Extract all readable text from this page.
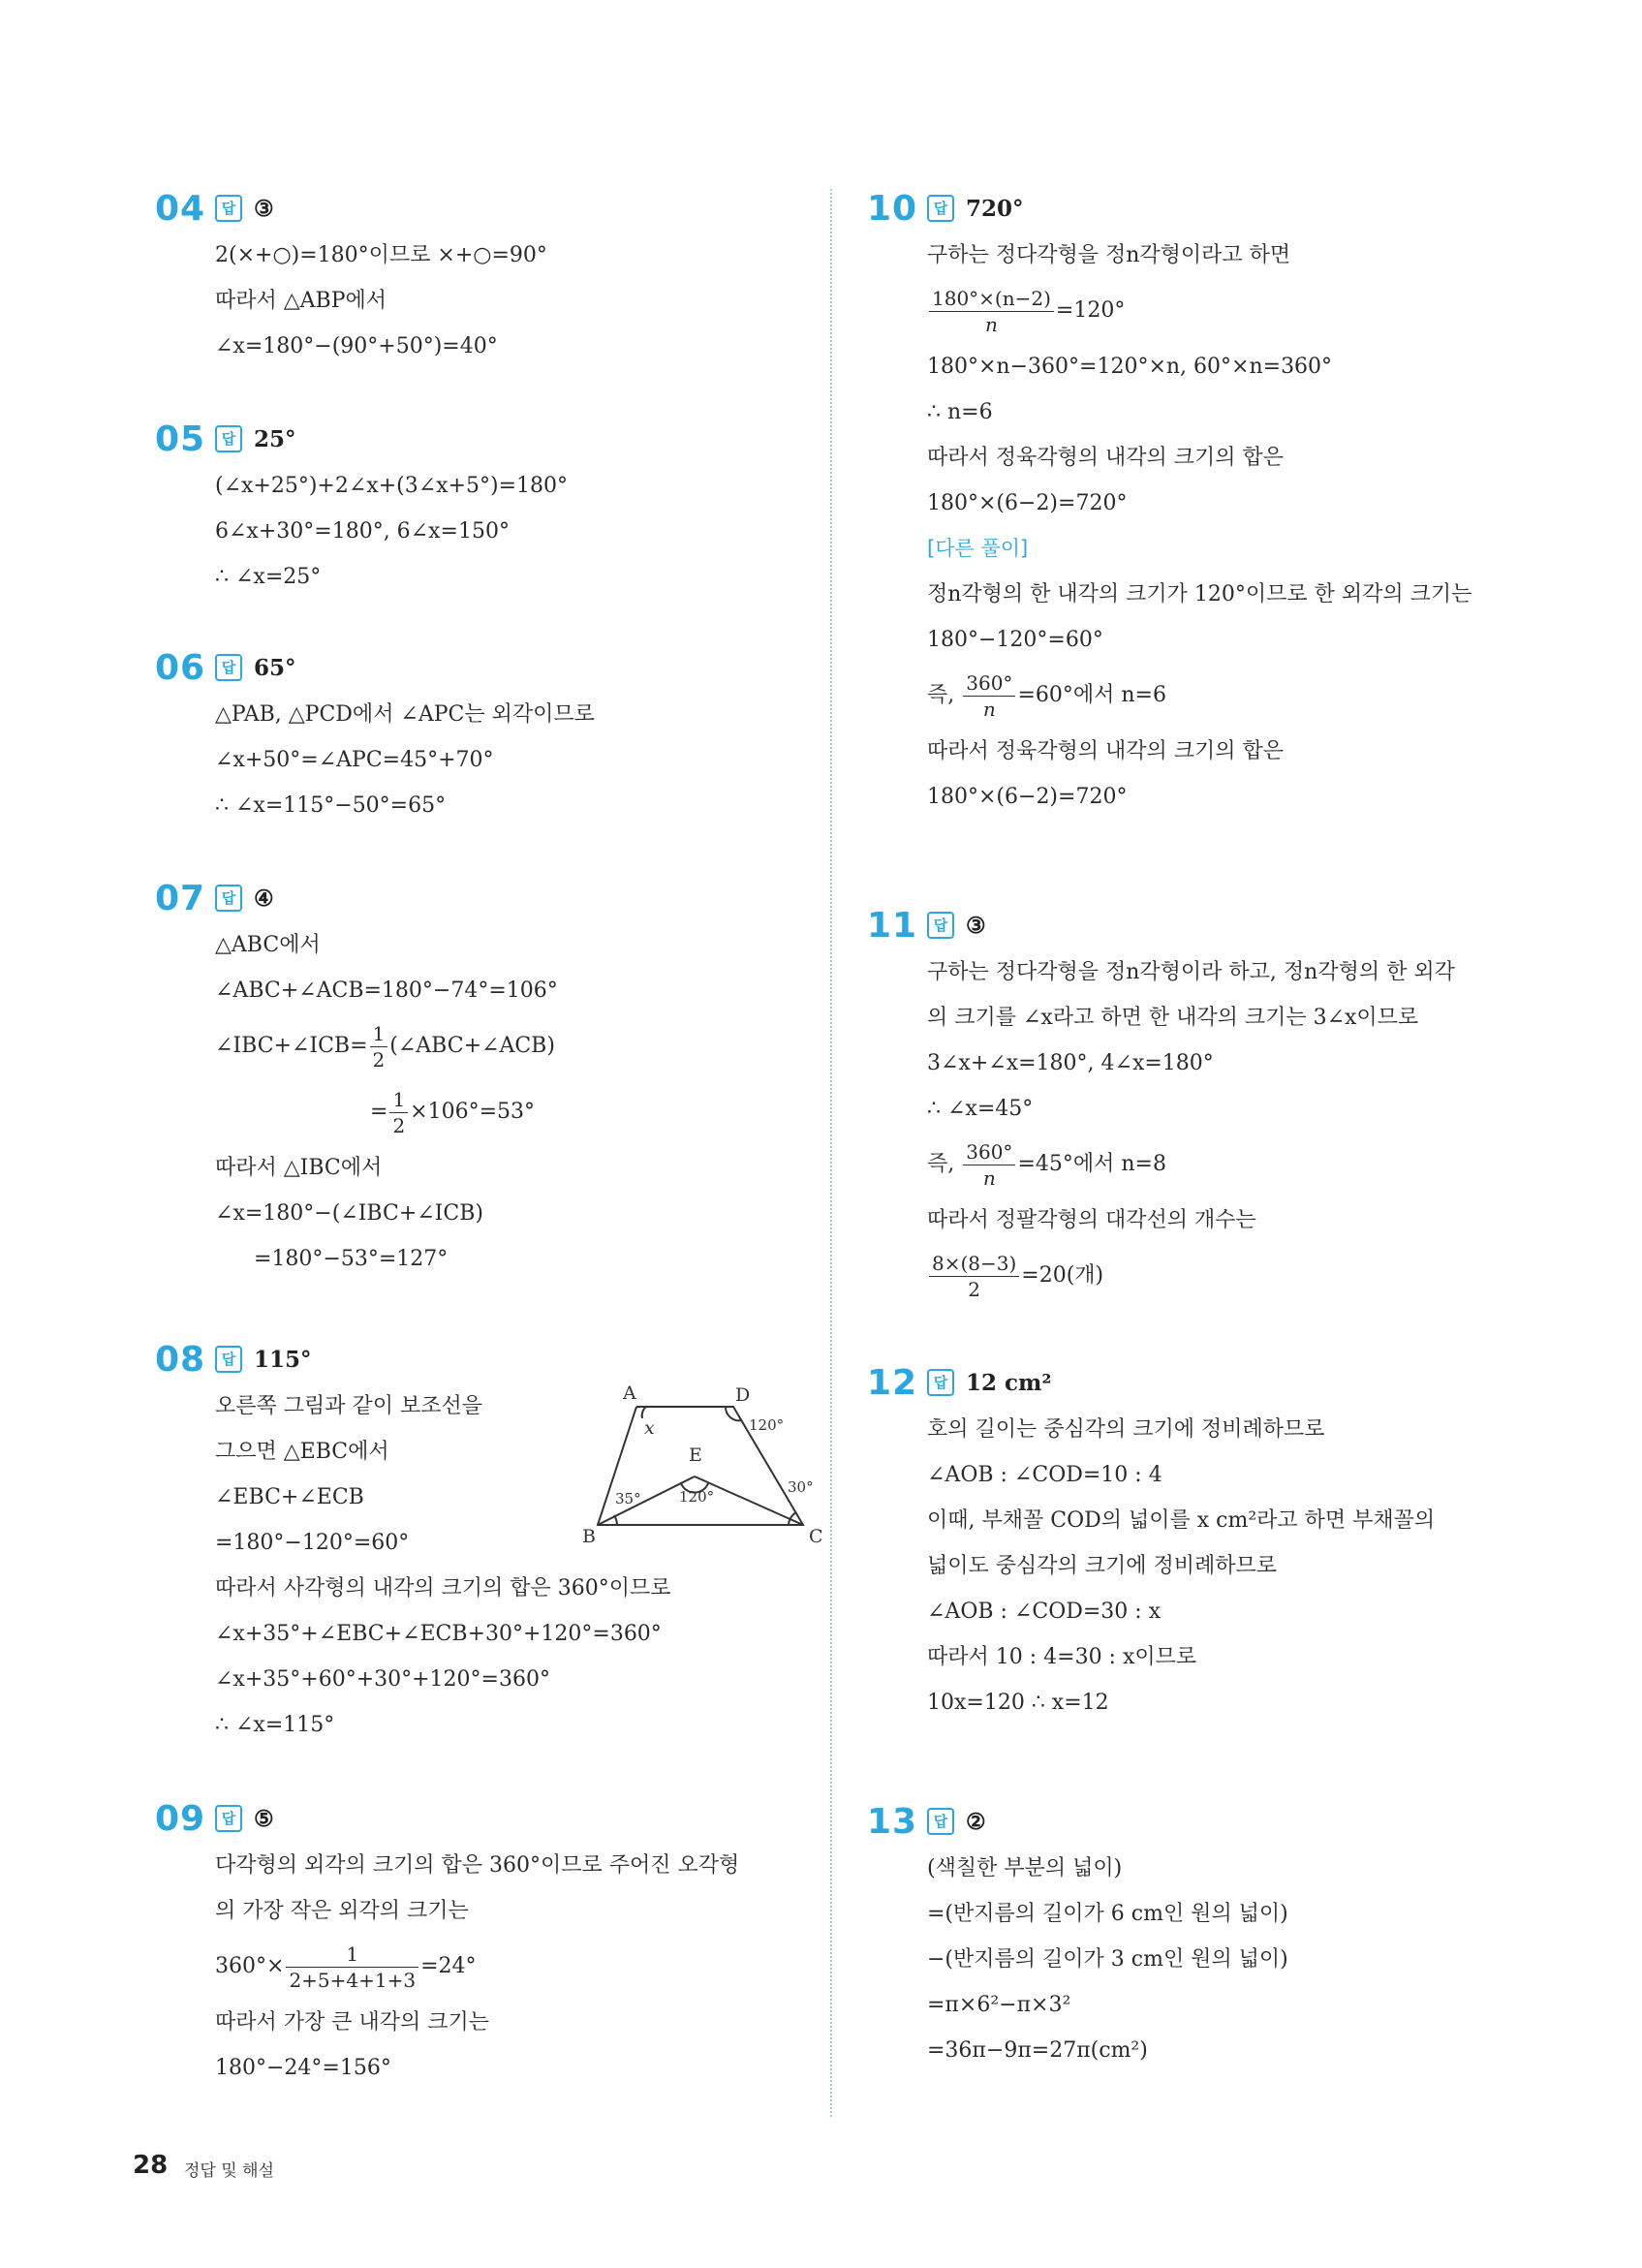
04	답 ③
2(×+○)=180°이므로 ×+○=90°
따라서 △ABP에서
∠x=180°−(90°+50°)=40°
05	답 25°
(∠x+25°)+2∠x+(3∠x+5°)=180°
6∠x+30°=180°, 6∠x=150°
∴ ∠x=25°
06	답 65°
△PAB, △PCD에서 ∠APC는 외각이므로
∠x+50°=∠APC=45°+70°
∴ ∠x=115°−50°=65°
07	답 ④
△ABC에서
∠ABC+∠ACB=180°−74°=106°
∠IBC+∠ICB= $\frac{1}{2}$ (∠ABC+∠ACB)
= $\frac{1}{2} \times 106^\circ=53^\circ$
따라서 △IBC에서
∠x=180°−(∠IBC+∠ICB)
=180°−53°=127°
08	답 115°
오른쪽 그림과 같이 보조선을
그으면 △EBC에서
∠EBC+∠ECB
=180°−120°=60°
따라서 사각형의 내각의 크기의 합은 360°이므로
∠x+35°+∠EBC+∠ECB+30°+120°=360°
∠x+35°+60°+30°+120°=360°
∴ ∠x=115°
A	D
E
B	C
x
35°	120°
120°
30°
09	답 ⑤
다각형의 외각의 크기의 합은 360°이므로 주어진 오각형
의 가장 작은 외각의 크기는
$360^\circ\times \frac{1}{2+5+4+1+3} =24^\circ$
따라서 가장 큰 내각의 크기는
180°−24°=156°
10	답 720°
구하는 정다각형을 정n각형이라고 하면
$\frac{180^\circ\times(n-2)}{n} =120^\circ$
180°×n−360°=120°×n, 60°×n=360°
∴ n=6
따라서 정육각형의 내각의 크기의 합은
180°×(6−2)=720°
[다른 풀이]
정n각형의 한 내각의 크기가 120°이므로 한 외각의 크기는
180°−120°=60°
즉, $\frac{360^\circ}{n} =60^\circ$에서 n=6
따라서 정육각형의 내각의 크기의 합은
180°×(6−2)=720°
11	답 ③
구하는 정다각형을 정n각형이라 하고, 정n각형의 한 외각
의 크기를 ∠x라고 하면 한 내각의 크기는 3∠x이므로
3∠x+∠x=180°, 4∠x=180°
∴ ∠x=45°
즉, $\frac{360^\circ}{n} =45^\circ$에서 n=8
따라서 정팔각형의 대각선의 개수는
$\frac{8\times(8-3)}{2} =20$(개)
12	답 12 cm²
호의 길이는 중심각의 크기에 정비례하므로
∠AOB : ∠COD=10 : 4
이때, 부채꼴 COD의 넓이를 x cm²라고 하면 부채꼴의
넓이도 중심각의 크기에 정비례하므로
∠AOB : ∠COD=30 : x
따라서 10 : 4=30 : x이므로
10x=120 ∴ x=12
13	답 ②
(색칠한 부분의 넓이)
=(반지름의 길이가 6 cm인 원의 넓이)
−(반지름의 길이가 3 cm인 원의 넓이)
=π×6²−π×3²
=36π−9π=27π(cm²)
28 정답 및 해설
